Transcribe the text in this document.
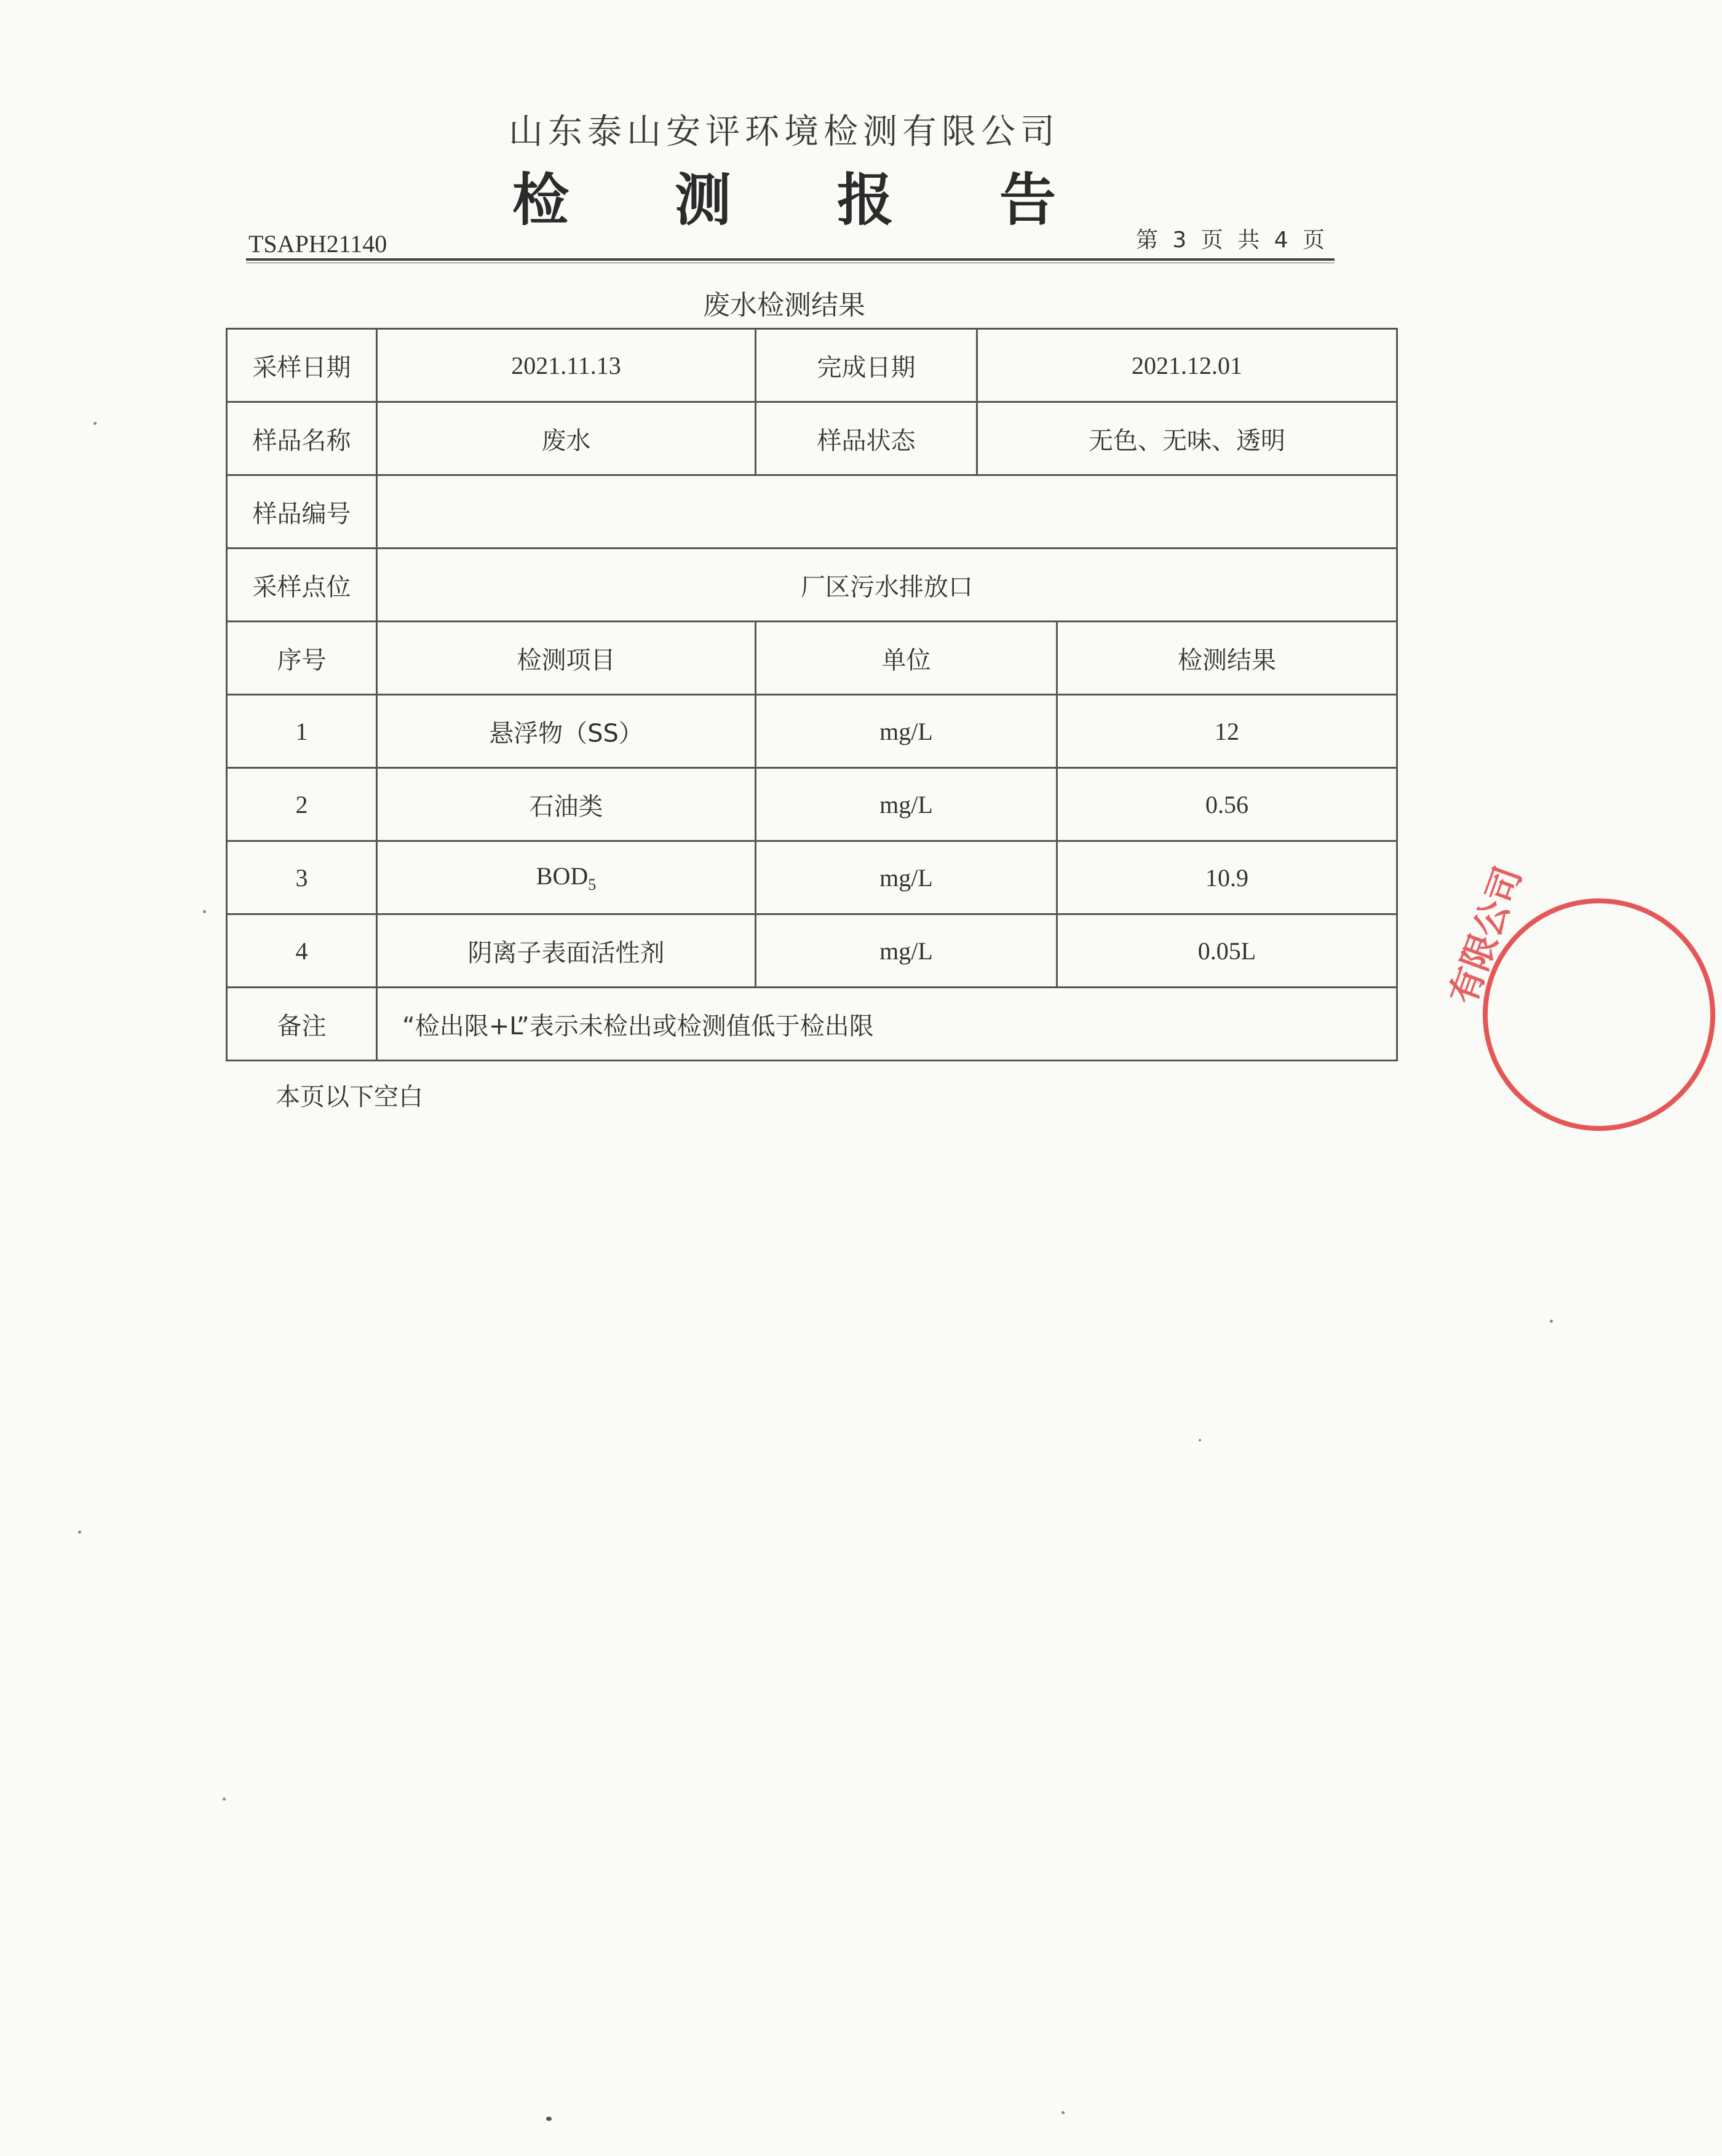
山东泰山安评环境检测有限公司
检 测 报 告
TSAPH21140	第 3 页 共 4 页
废水检测结果
采样日期	2021.11.13	完成日期	2021.12.01	
样品名称	废水	样品状态	无色、无味、透明	
样品编号				
采样点位	厂区污水排放口			
序号	检测项目	单位		检测结果
1	悬浮物（SS）	mg/L		12
2	石油类	mg/L		0.56
3	$BOD_5$	mg/L		10.9
4	阴离子表面活性剂	mg/L		0.05L
备注	“检出限+L”表示未检出或检测值低于检出限			
本页以下空白
有限公司
